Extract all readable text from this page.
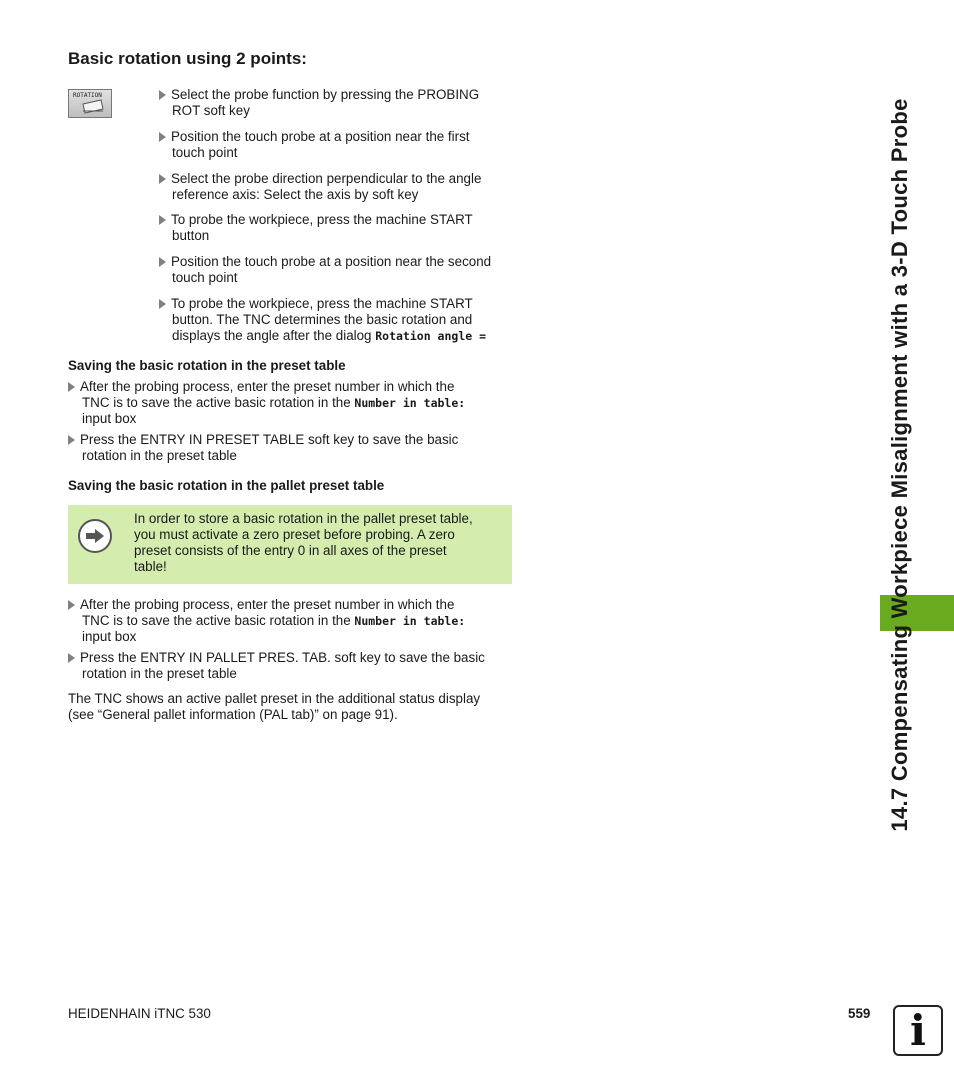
Basic rotation using 2 points:
ROTATION	Select the probe function by pressing the PROBING
ROT soft key
Position the touch probe at a position near the first
touch point
Select the probe direction perpendicular to the angle
reference axis: Select the axis by soft key
To probe the workpiece, press the machine START
button
Position the touch probe at a position near the second
touch point
To probe the workpiece, press the machine START
button. The TNC determines the basic rotation and
displays the angle after the dialog Rotation angle =
Saving the basic rotation in the preset table
After the probing process, enter the preset number in which the
TNC is to save the active basic rotation in the Number in table:
input box
Press the ENTRY IN PRESET TABLE soft key to save the basic
rotation in the preset table
Saving the basic rotation in the pallet preset table
In order to store a basic rotation in the pallet preset table,
you must activate a zero preset before probing. A zero
preset consists of the entry 0 in all axes of the preset
table!
After the probing process, enter the preset number in which the
TNC is to save the active basic rotation in the Number in table:
input box
Press the ENTRY IN PALLET PRES. TAB. soft key to save the basic
rotation in the preset table
The TNC shows an active pallet preset in the additional status display
(see “General pallet information (PAL tab)” on page 91).	14.7 Compensating Workpiece Misalignment with a 3-D Touch Probe
HEIDENHAIN iTNC 530	559 i
